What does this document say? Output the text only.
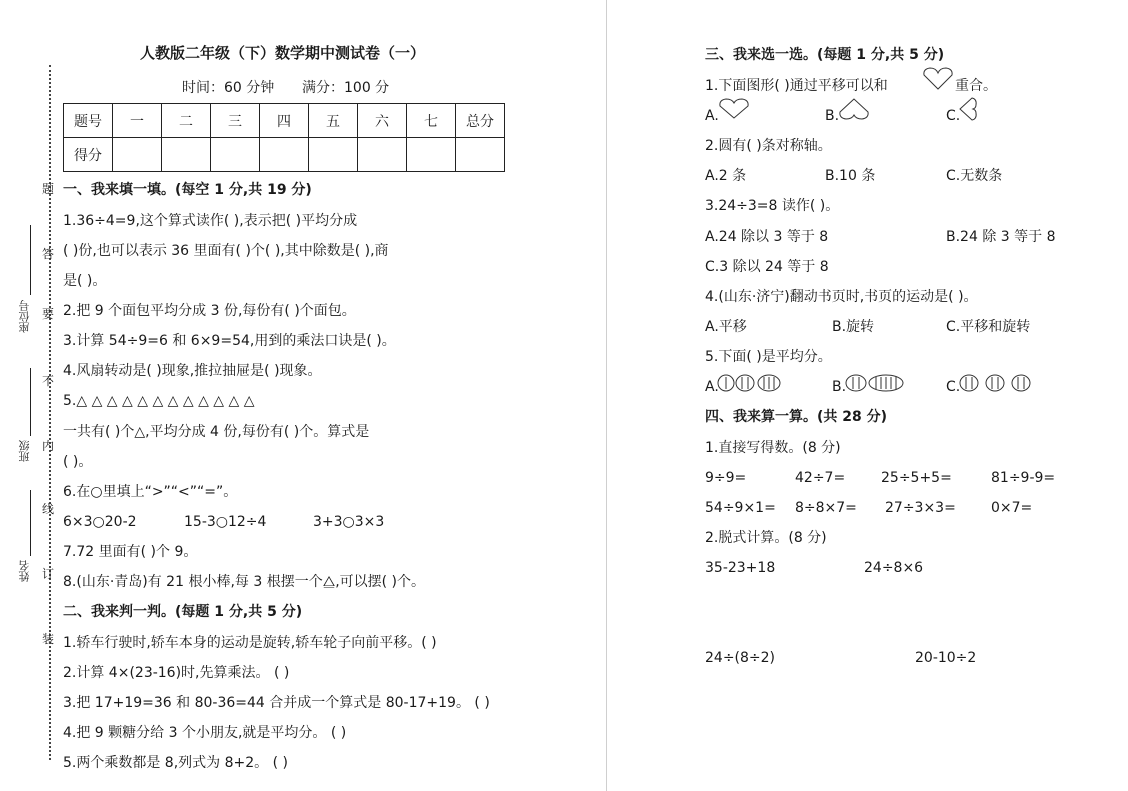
题
答
要
不
内
线
订
装
座位号
班级
姓名
人教版二年级（下）数学期中测试卷（一）
时间：60 分钟 满分：100 分
题号	一	二	三	四	五	六	七	总分
得分								
一、我来填一填。(每空 1 分,共 19 分)
1.36÷4=9,这个算式读作( ),表示把( )平均分成
( )份,也可以表示 36 里面有( )个( ),其中除数是( ),商
是( )。
2.把 9 个面包平均分成 3 份,每份有( )个面包。
3.计算 54÷9=6 和 6×9=54,用到的乘法口诀是( )。
4.风扇转动是( )现象,推拉抽屉是( )现象。
5.△ △ △ △ △ △ △ △ △ △ △ △
一共有( )个△,平均分成 4 份,每份有( )个。算式是
( )。
6.在○里填上“>”“<”“=”。
6×3○20-2	15-3○12÷4	3+3○3×3
7.72 里面有( )个 9。
8.(山东·青岛)有 21 根小棒,每 3 根摆一个⧋,可以摆( )个。
二、我来判一判。(每题 1 分,共 5 分)
1.轿车行驶时,轿车本身的运动是旋转,轿车轮子向前平移。( )
2.计算 4×(23-16)时,先算乘法。 ( )
3.把 17+19=36 和 80-36=44 合并成一个算式是 80-17+19。 ( )
4.把 9 颗糖分给 3 个小朋友,就是平均分。 ( )
5.两个乘数都是 8,列式为 8+2。 ( )
三、我来选一选。(每题 1 分,共 5 分)
1.下面图形( )通过平移可以和	重合。
A.	B.	C.
2.圆有( )条对称轴。
A.2 条	B.10 条	C.无数条
3.24÷3=8 读作( )。
A.24 除以 3 等于 8	B.24 除 3 等于 8
C.3 除以 24 等于 8
4.(山东·济宁)翻动书页时,书页的运动是( )。
A.平移	B.旋转	C.平移和旋转
5.下面( )是平均分。
A.	B.	C.
四、我来算一算。(共 28 分)
1.直接写得数。(8 分)
9÷9=	42÷7=	25÷5+5=	81÷9-9=
54÷9×1= 8÷8×7= 27÷3×3=	0×7=
2.脱式计算。(8 分)
35-23+18	24÷8×6
24÷(8÷2)	20-10÷2
